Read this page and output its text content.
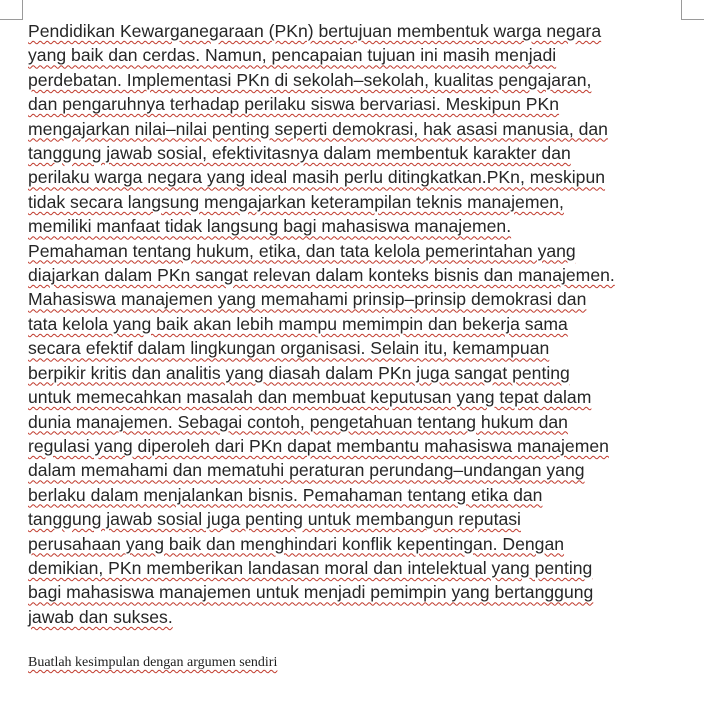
Pendidikan Kewarganegaraan (PKn) bertujuan membentuk warga negara
yang baik dan cerdas. Namun, pencapaian tujuan ini masih menjadi
perdebatan. Implementasi PKn di sekolah–sekolah, kualitas pengajaran,
dan pengaruhnya terhadap perilaku siswa bervariasi. Meskipun PKn
mengajarkan nilai–nilai penting seperti demokrasi, hak asasi manusia, dan
tanggung jawab sosial, efektivitasnya dalam membentuk karakter dan
perilaku warga negara yang ideal masih perlu ditingkatkan.PKn, meskipun
tidak secara langsung mengajarkan keterampilan teknis manajemen,
memiliki manfaat tidak langsung bagi mahasiswa manajemen.
Pemahaman tentang hukum, etika, dan tata kelola pemerintahan yang
diajarkan dalam PKn sangat relevan dalam konteks bisnis dan manajemen.
Mahasiswa manajemen yang memahami prinsip–prinsip demokrasi dan
tata kelola yang baik akan lebih mampu memimpin dan bekerja sama
secara efektif dalam lingkungan organisasi. Selain itu, kemampuan
berpikir kritis dan analitis yang diasah dalam PKn juga sangat penting
untuk memecahkan masalah dan membuat keputusan yang tepat dalam
dunia manajemen. Sebagai contoh, pengetahuan tentang hukum dan
regulasi yang diperoleh dari PKn dapat membantu mahasiswa manajemen
dalam memahami dan mematuhi peraturan perundang–undangan yang
berlaku dalam menjalankan bisnis. Pemahaman tentang etika dan
tanggung jawab sosial juga penting untuk membangun reputasi
perusahaan yang baik dan menghindari konflik kepentingan. Dengan
demikian, PKn memberikan landasan moral dan intelektual yang penting
bagi mahasiswa manajemen untuk menjadi pemimpin yang bertanggung
jawab dan sukses.

Buatlah kesimpulan dengan argumen sendiri
